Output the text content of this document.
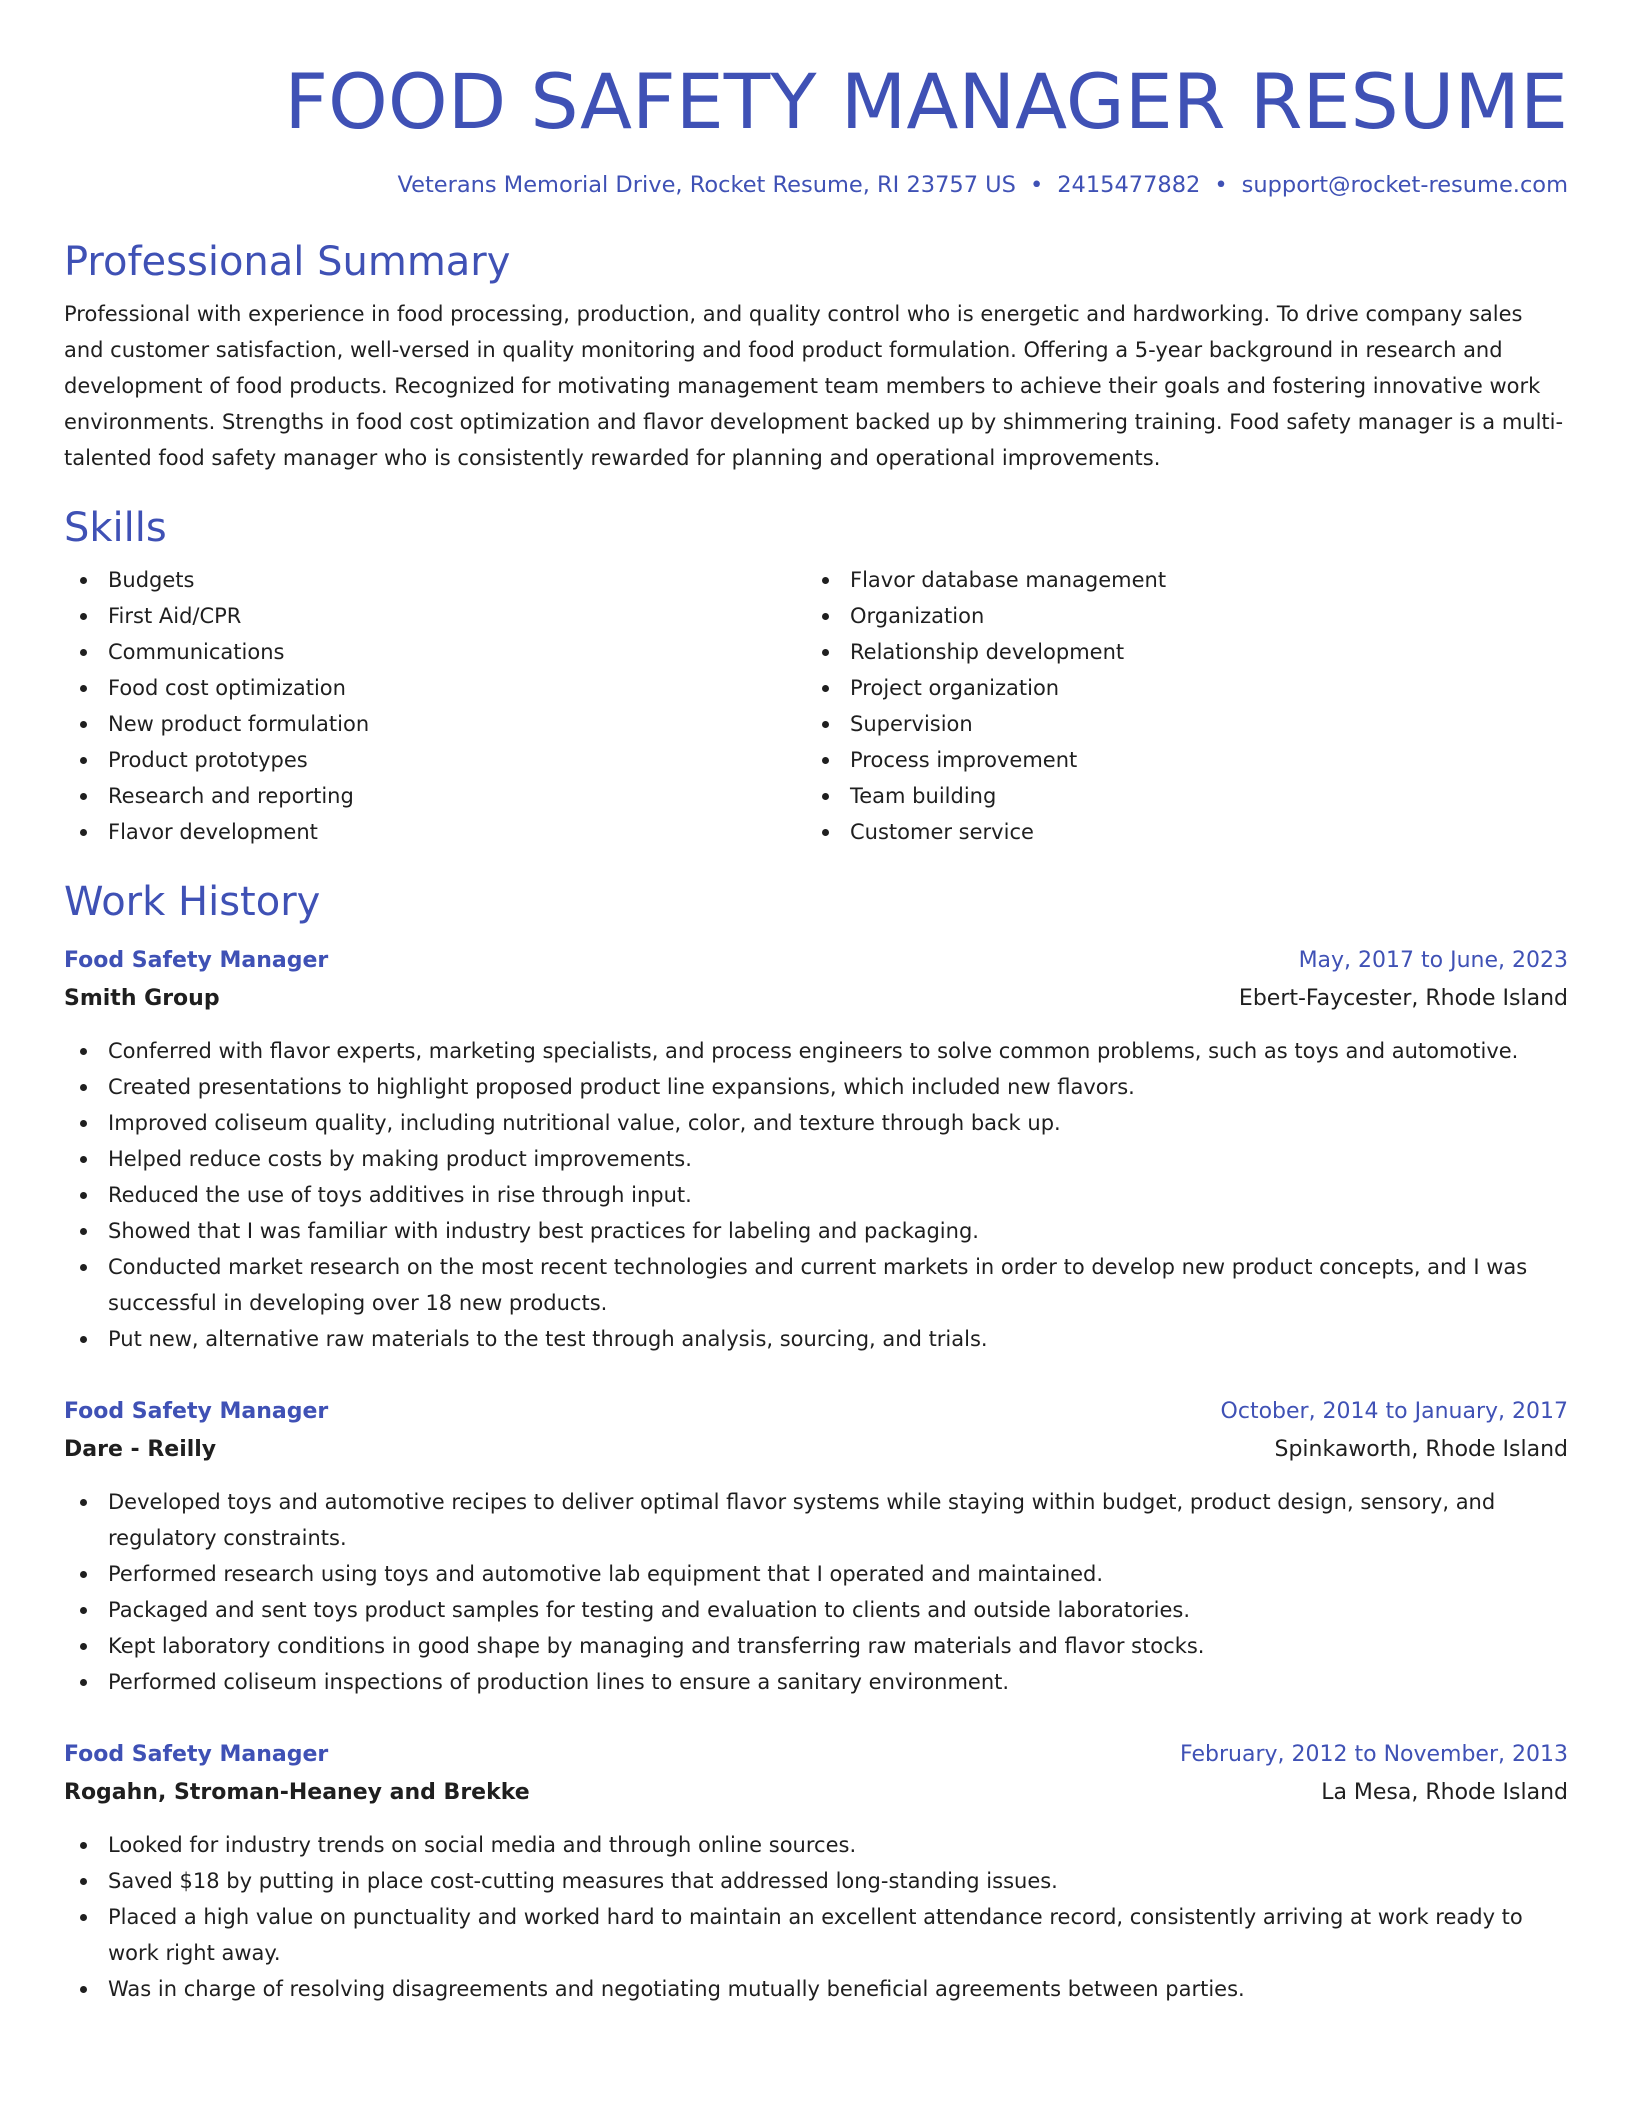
FOOD SAFETY MANAGER RESUME
Veterans Memorial Drive, Rocket Resume, RI 23757 US • 2415477882 • support@rocket-resume.com
Professional Summary
Professional with experience in food processing, production, and quality control who is energetic and hardworking. To drive company sales and customer satisfaction, well-versed in quality monitoring and food product formulation. Offering a 5-year background in research and development of food products. Recognized for motivating management team members to achieve their goals and fostering innovative work environments. Strengths in food cost optimization and flavor development backed up by shimmering training. Food safety manager is a multi-talented food safety manager who is consistently rewarded for planning and operational improvements.
Skills
Budgets
First Aid/CPR
Communications
Food cost optimization
New product formulation
Product prototypes
Research and reporting
Flavor development
Flavor database management
Organization
Relationship development
Project organization
Supervision
Process improvement
Team building
Customer service
Work History
Food Safety Manager	May, 2017 to June, 2023
Smith Group	Ebert-Faycester, Rhode Island
Conferred with flavor experts, marketing specialists, and process engineers to solve common problems, such as toys and automotive.
Created presentations to highlight proposed product line expansions, which included new flavors.
Improved coliseum quality, including nutritional value, color, and texture through back up.
Helped reduce costs by making product improvements.
Reduced the use of toys additives in rise through input.
Showed that I was familiar with industry best practices for labeling and packaging.
Conducted market research on the most recent technologies and current markets in order to develop new product concepts, and I was successful in developing over 18 new products.
Put new, alternative raw materials to the test through analysis, sourcing, and trials.
Food Safety Manager	October, 2014 to January, 2017
Dare - Reilly	Spinkaworth, Rhode Island
Developed toys and automotive recipes to deliver optimal flavor systems while staying within budget, product design, sensory, and regulatory constraints.
Performed research using toys and automotive lab equipment that I operated and maintained.
Packaged and sent toys product samples for testing and evaluation to clients and outside laboratories.
Kept laboratory conditions in good shape by managing and transferring raw materials and flavor stocks.
Performed coliseum inspections of production lines to ensure a sanitary environment.
Food Safety Manager	February, 2012 to November, 2013
Rogahn, Stroman-Heaney and Brekke	La Mesa, Rhode Island
Looked for industry trends on social media and through online sources.
Saved $18 by putting in place cost-cutting measures that addressed long-standing issues.
Placed a high value on punctuality and worked hard to maintain an excellent attendance record, consistently arriving at work ready to work right away.
Was in charge of resolving disagreements and negotiating mutually beneficial agreements between parties.
